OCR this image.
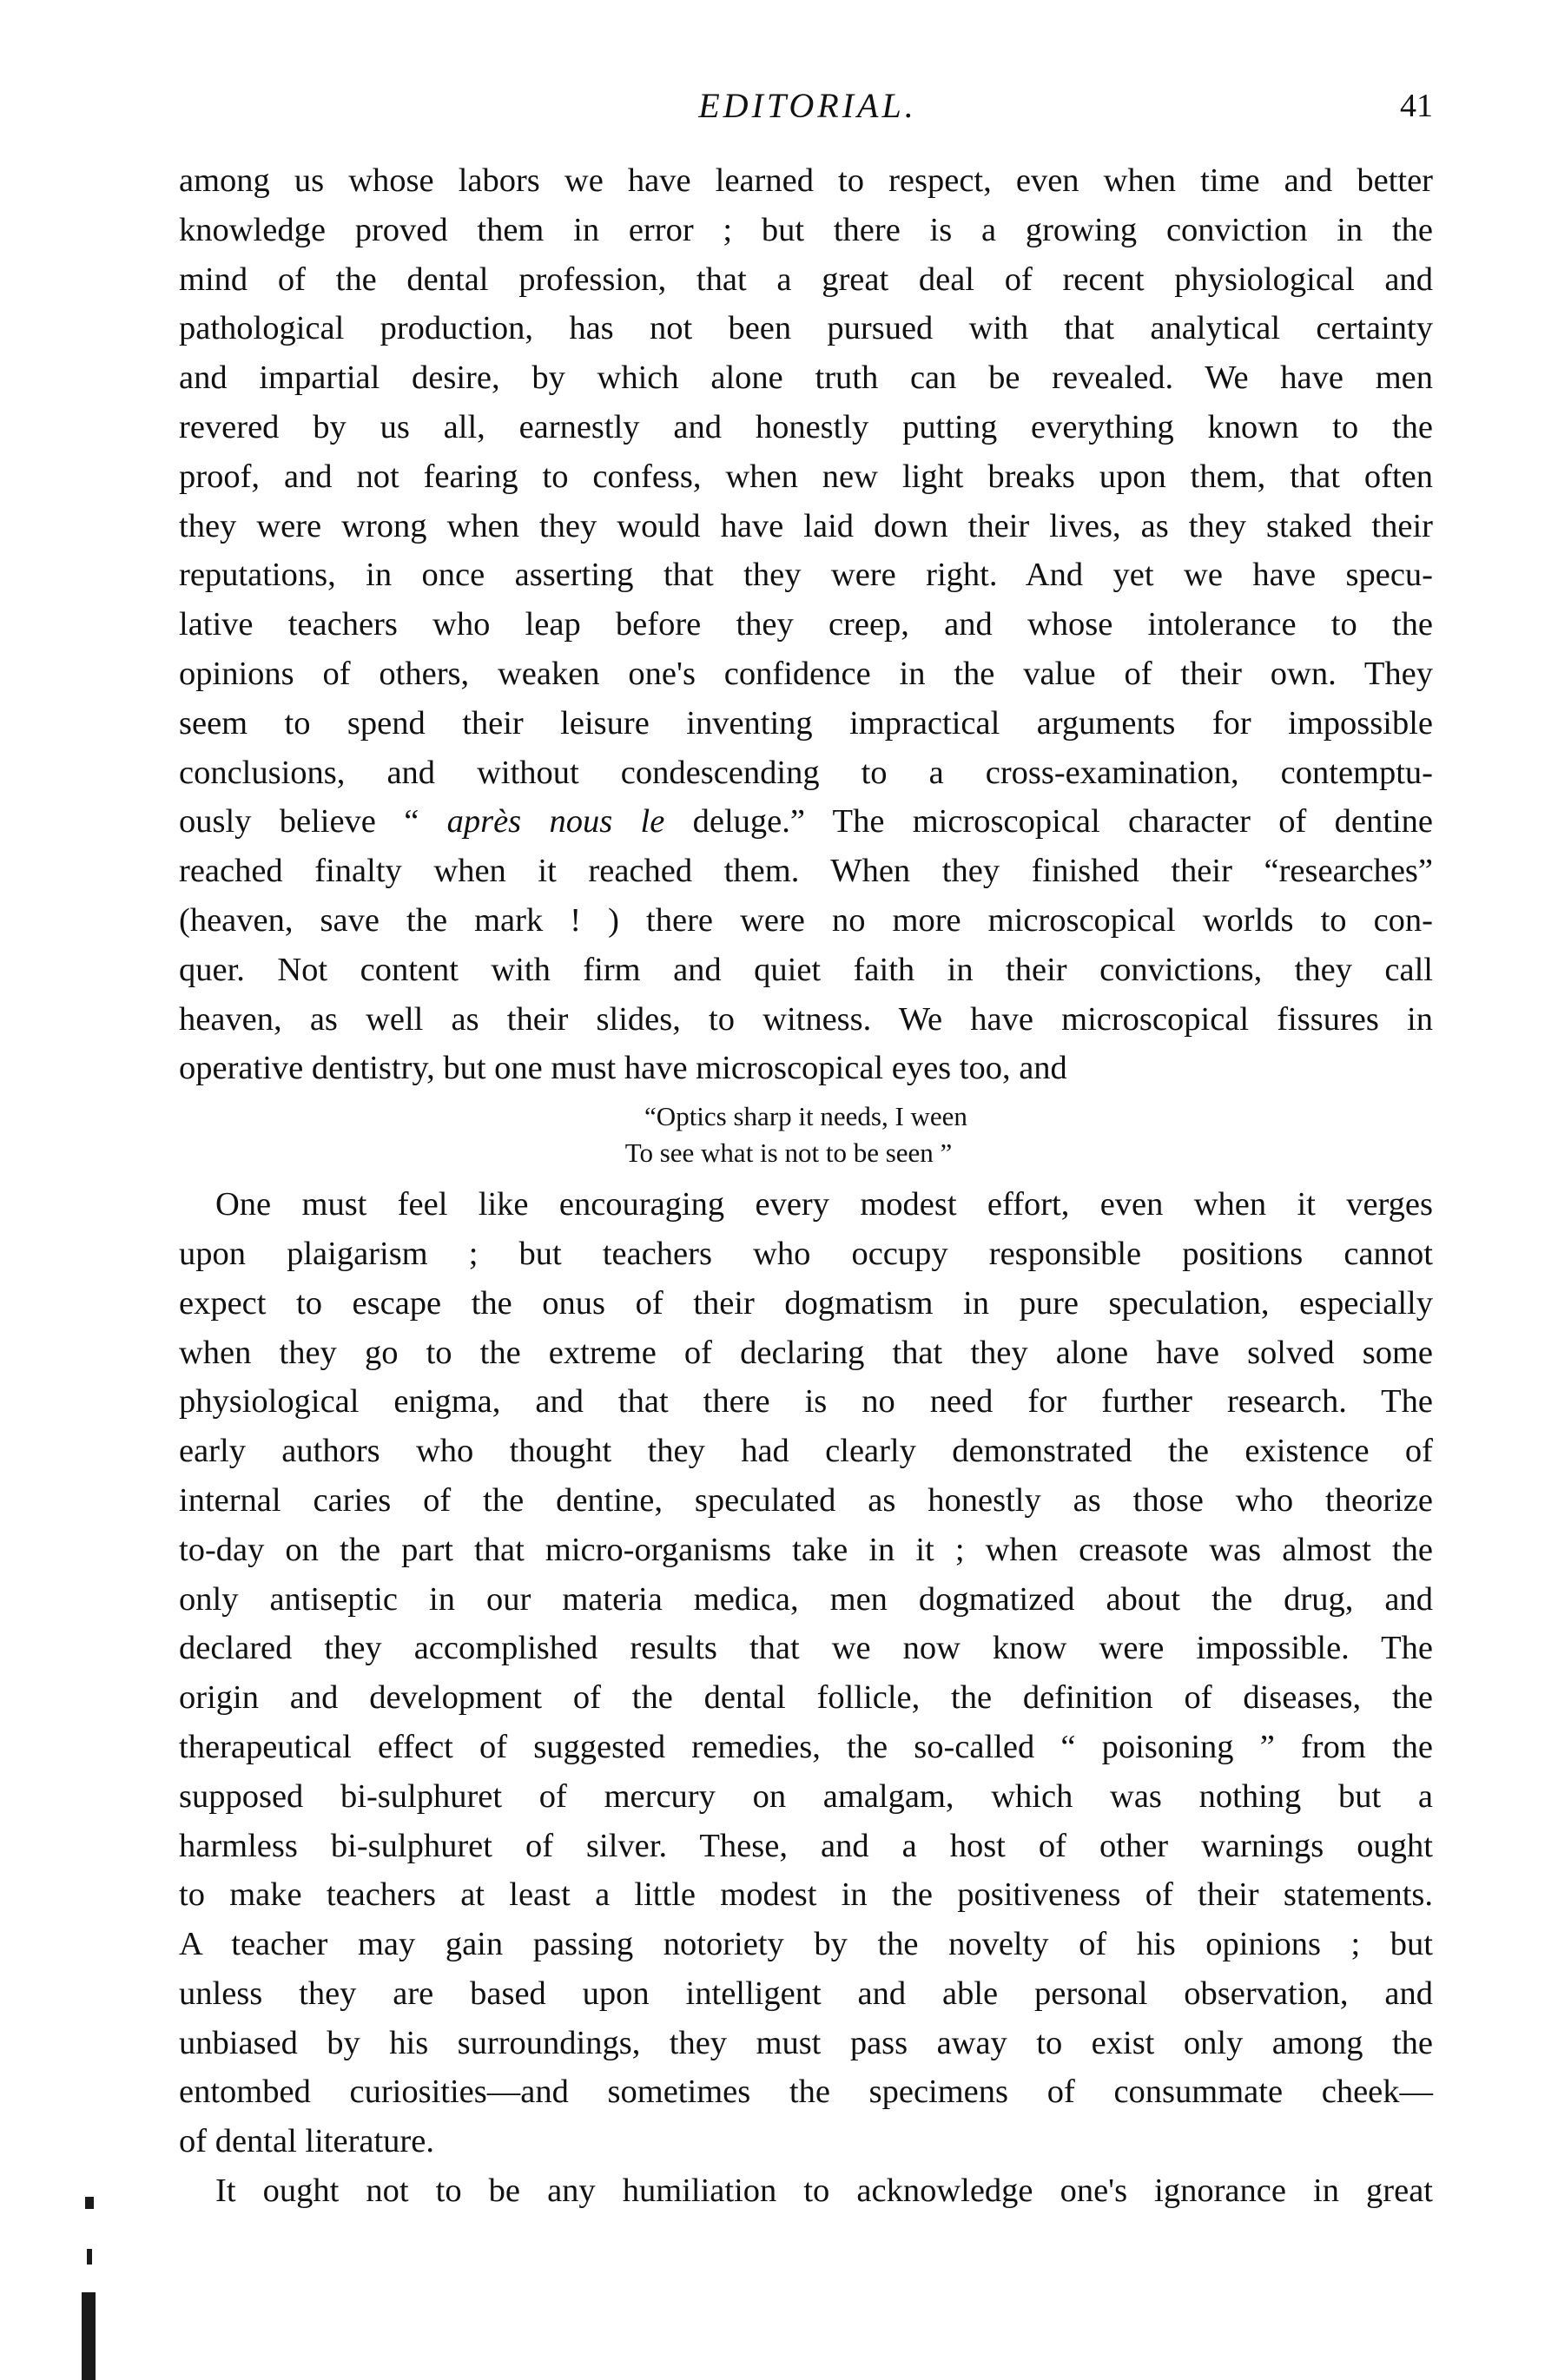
EDITORIAL.	41
among us whose labors we have learned to respect, even when time and better
knowledge proved them in error ; but there is a growing conviction in the
mind of the dental profession, that a great deal of recent physiological and
pathological production, has not been pursued with that analytical certainty
and impartial desire, by which alone truth can be revealed. We have men
revered by us all, earnestly and honestly putting everything known to the
proof, and not fearing to confess, when new light breaks upon them, that often
they were wrong when they would have laid down their lives, as they staked their
reputations, in once asserting that they were right. And yet we have specu-
lative teachers who leap before they creep, and whose intolerance to the
opinions of others, weaken one's confidence in the value of their own. They
seem to spend their leisure inventing impractical arguments for impossible
conclusions, and without condescending to a cross-examination, contemptu-
ously believe “ après nous le deluge.” The microscopical character of dentine
reached finalty when it reached them. When they finished their “researches”
(heaven, save the mark ! ) there were no more microscopical worlds to con-
quer. Not content with firm and quiet faith in their convictions, they call
heaven, as well as their slides, to witness. We have microscopical fissures in
operative dentistry, but one must have microscopical eyes too, and
“Optics sharp it needs, I ween
To see what is not to be seen ”
One must feel like encouraging every modest effort, even when it verges
upon plaigarism ; but teachers who occupy responsible positions cannot
expect to escape the onus of their dogmatism in pure speculation, especially
when they go to the extreme of declaring that they alone have solved some
physiological enigma, and that there is no need for further research. The
early authors who thought they had clearly demonstrated the existence of
internal caries of the dentine, speculated as honestly as those who theorize
to-day on the part that micro-organisms take in it ; when creasote was almost the
only antiseptic in our materia medica, men dogmatized about the drug, and
declared they accomplished results that we now know were impossible. The
origin and development of the dental follicle, the definition of diseases, the
therapeutical effect of suggested remedies, the so-called “ poisoning ” from the
supposed bi-sulphuret of mercury on amalgam, which was nothing but a
harmless bi-sulphuret of silver. These, and a host of other warnings ought
to make teachers at least a little modest in the positiveness of their statements.
A teacher may gain passing notoriety by the novelty of his opinions ; but
unless they are based upon intelligent and able personal observation, and
unbiased by his surroundings, they must pass away to exist only among the
entombed curiosities—and sometimes the specimens of consummate cheek—
of dental literature.
It ought not to be any humiliation to acknowledge one's ignorance in great
